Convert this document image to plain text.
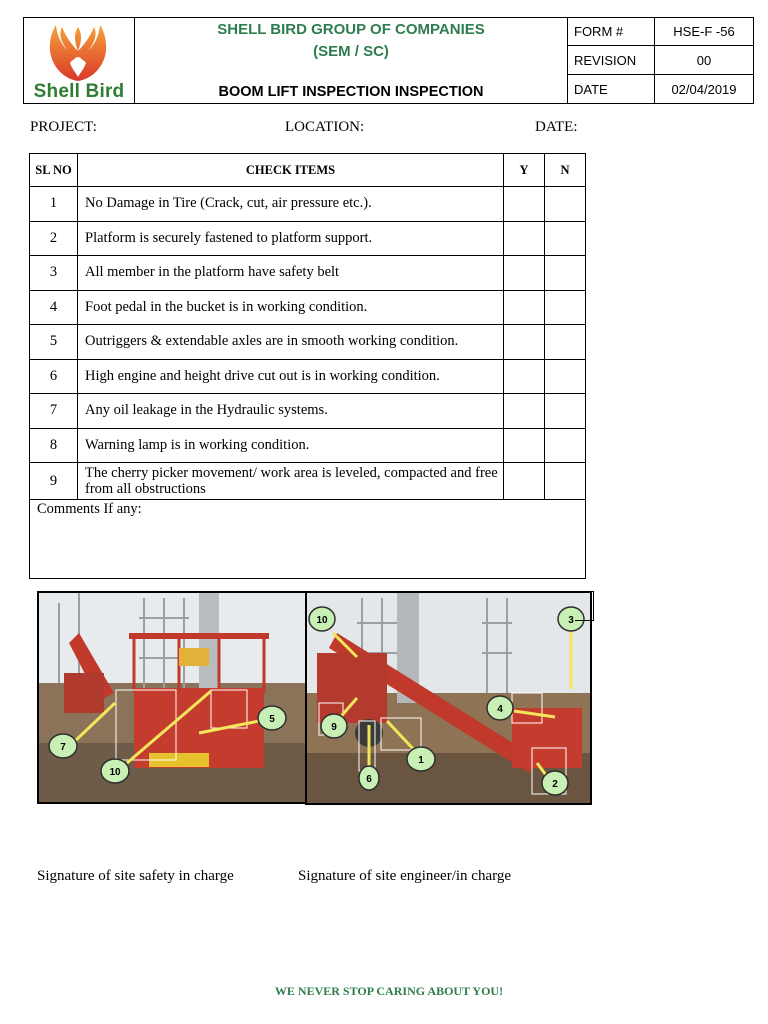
Shell Bird	SHELL BIRD GROUP OF COMPANIES
(SEM / SC)
BOOM LIFT INSPECTION INSPECTION	FORM #	HSE-F -56
		REVISION	00
		DATE	02/04/2019
PROJECT:	LOCATION:	DATE:
SL NO	CHECK ITEMS	Y	N
1	No Damage in Tire (Crack, cut, air pressure etc.).		
2	Platform is securely fastened to platform support.		
3	All member in the platform have safety belt		
4	Foot pedal in the bucket is in working condition.		
5	Outriggers & extendable axles are in smooth working condition.		
6	High engine and height drive cut out is in working condition.		
7	Any oil leakage in the Hydraulic systems.		
8	Warning lamp is in working condition.		
9	The cherry picker movement/ work area is leveled, compacted and free from all obstructions		
Comments If any:			
7
10
5
10	3
4
9
6
1
2
Signature of site safety in charge	Signature of site engineer/in charge
WE NEVER STOP CARING ABOUT YOU!
